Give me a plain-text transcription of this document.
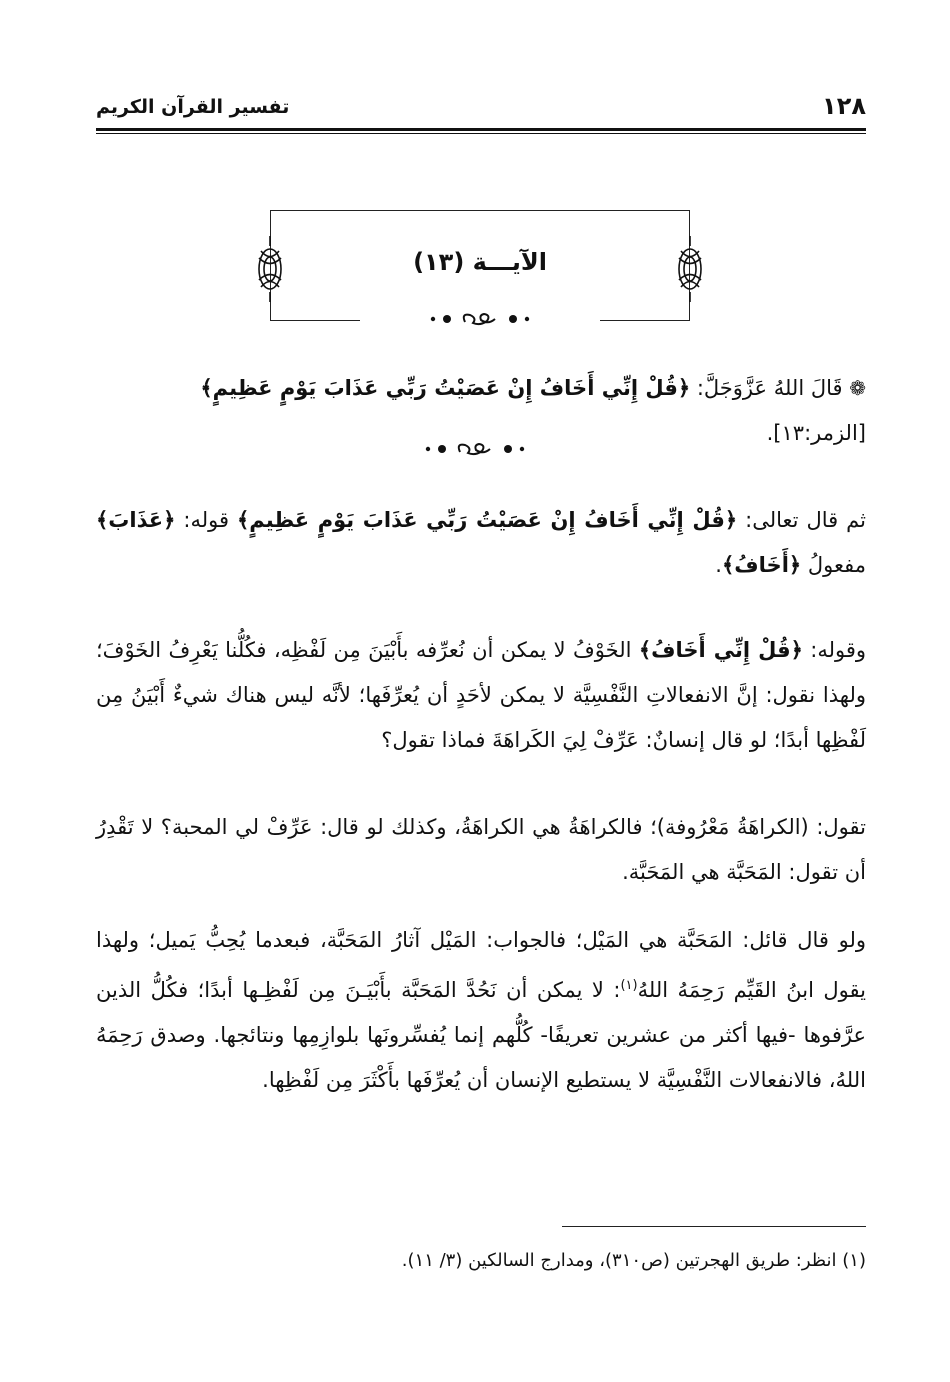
١٢٨
تفسير القرآن الكريم
الآيـــة (١٣)
❁ قَالَ اللهُ عَزَّوَجَلَّ: ﴿قُلْ إِنِّي أَخَافُ إِنْ عَصَيْتُ رَبِّي عَذَابَ يَوْمٍ عَظِيمٍ﴾ [الزمر:١٣].
ثم قال تعالى: ﴿قُلْ إِنِّي أَخَافُ إِنْ عَصَيْتُ رَبِّي عَذَابَ يَوْمٍ عَظِيمٍ﴾ قوله: ﴿عَذَابَ﴾ مفعولُ ﴿أَخَافُ﴾.
وقوله: ﴿قُلْ إِنِّي أَخَافُ﴾ الخَوْفُ لا يمكن أن نُعرِّفه بأَبْيَنَ مِن لَفْظِه، فكُلُّنا يَعْرِفُ الخَوْفَ؛ ولهذا نقول: إنَّ الانفعالاتِ النَّفْسِيَّة لا يمكن لأحَدٍ أن يُعرِّفَها؛ لأنَّه ليس هناك شيءٌ أَبْيَنُ مِن لَفْظِها أبدًا؛ لو قال إنسانٌ: عَرِّفْ لِيَ الكَراهَةَ فماذا تقول؟
تقول: (الكراهَةُ مَعْرُوفة)؛ فالكراهَةُ هي الكراهَةُ، وكذلك لو قال: عَرِّفْ لي المحبة؟ لا تَقْدِرُ أن تقول: المَحَبَّة هي المَحَبَّة.
ولو قال قائل: المَحَبَّة هي المَيْل؛ فالجواب: المَيْل آثارُ المَحَبَّة، فبعدما يُحِبُّ يَميل؛ ولهذا يقول ابنُ القَيِّم رَحِمَهُ اللهُ$^{(١)}$: لا يمكن أن نَحُدَّ المَحَبَّة بأَبْيَـنَ مِن لَفْظِـها أبدًا؛ فكُلُّ الذين عرَّفوها -فيها أكثر من عشرين تعريفًا- كُلُّهم إنما يُفسِّرونَها بلوازِمِها ونتائجها. وصدق رَحِمَهُ اللهُ، فالانفعالات النَّفْسِيَّة لا يستطيع الإنسان أن يُعرِّفَها بأَكْثَرَ مِن لَفْظِها.
(١) انظر: طريق الهجرتين (ص٣١٠)، ومدارج السالكين (٣/ ١١).
